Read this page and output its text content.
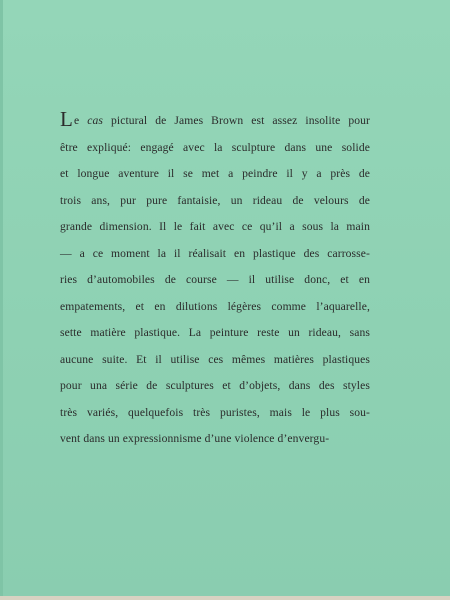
Le cas pictural de James Brown est assez insolite pour
être expliqué: engagé avec la sculpture dans une solide
et longue aventure il se met a peindre il y a près de
trois ans, pur pure fantaisie, un rideau de velours de
grande dimension. Il le fait avec ce qu’il a sous la main
— a ce moment la il réalisait en plastique des carrosse-
ries d’automobiles de course — il utilise donc, et en
empatements, et en dilutions légères comme l’aquarelle,
sette matière plastique. La peinture reste un rideau, sans
aucune suite. Et il utilise ces mêmes matières plastiques
pour una série de sculptures et d’objets, dans des styles
très variés, quelquefois très puristes, mais le plus sou-
vent dans un expressionnisme d’une violence d’envergu-
